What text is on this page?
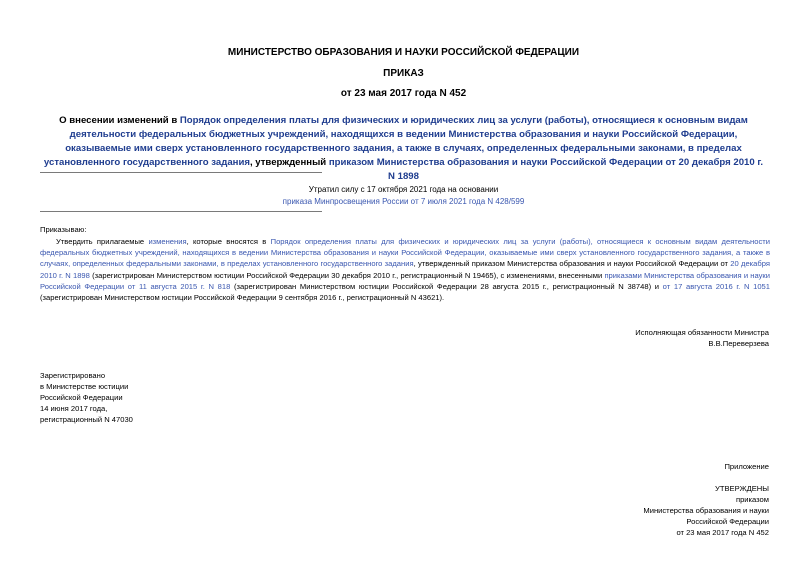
МИНИСТЕРСТВО ОБРАЗОВАНИЯ И НАУКИ РОССИЙСКОЙ ФЕДЕРАЦИИ
ПРИКАЗ
от 23 мая 2017 года N 452
О внесении изменений в Порядок определения платы для физических и юридических лиц за услуги (работы), относящиеся к основным видам деятельности федеральных бюджетных учреждений, находящихся в ведении Министерства образования и науки Российской Федерации, оказываемые ими сверх установленного государственного задания, а также в случаях, определенных федеральными законами, в пределах установленного государственного задания, утвержденный приказом Министерства образования и науки Российской Федерации от 20 декабря 2010 г. N 1898
Утратил силу с 17 октября 2021 года на основании
приказа Минпросвещения России от 7 июля 2021 года N 428/599
Приказываю:
Утвердить прилагаемые изменения, которые вносятся в Порядок определения платы для физических и юридических лиц за услуги (работы), относящиеся к основным видам деятельности федеральных бюджетных учреждений, находящихся в ведении Министерства образования и науки Российской Федерации, оказываемые ими сверх установленного государственного задания, а также в случаях, определенных федеральными законами, в пределах установленного государственного задания, утвержденный приказом Министерства образования и науки Российской Федерации от 20 декабря 2010 г. N 1898 (зарегистрирован Министерством юстиции Российской Федерации 30 декабря 2010 г., регистрационный N 19465), с изменениями, внесенными приказами Министерства образования и науки Российской Федерации от 11 августа 2015 г. N 818 (зарегистрирован Министерством юстиции Российской Федерации 28 августа 2015 г., регистрационный N 38748) и от 17 августа 2016 г. N 1051 (зарегистрирован Министерством юстиции Российской Федерации 9 сентября 2016 г., регистрационный N 43621).
Исполняющая обязанности Министра
В.В.Переверзева
Зарегистрировано
в Министерстве юстиции
Российской Федерации
14 июня 2017 года,
регистрационный N 47030
Приложение
УТВЕРЖДЕНЫ
приказом
Министерства образования и науки
Российской Федерации
от 23 мая 2017 года N 452
